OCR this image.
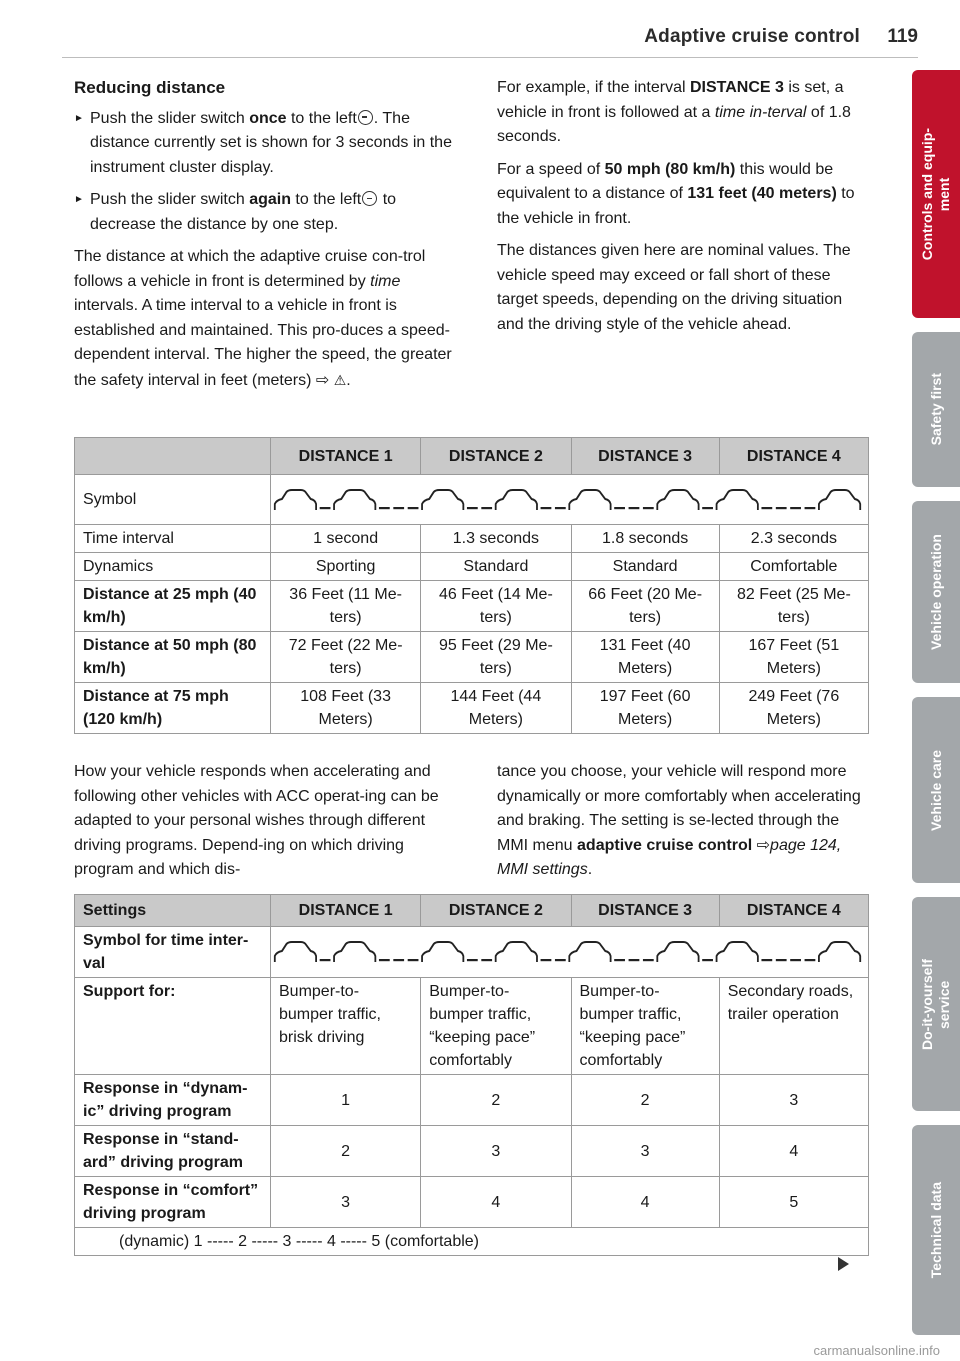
Adaptive cruise control 119
Controls and equip-
ment
Safety first
Vehicle operation
Vehicle care
Do-it-yourself
service
Technical data
Reducing distance

► Push the slider switch once to the left . The distance currently set is shown for 3 seconds in the instrument cluster display.

► Push the slider switch again to the left to decrease the distance by one step.

The distance at which the adaptive cruise con-trol follows a vehicle in front is determined by time intervals. A time interval to a vehicle in front is established and maintained. This pro-duces a speed-dependent interval. The higher the speed, the greater the safety interval in feet (meters) ⇨ ⚠.

For example, if the interval DISTANCE 3 is set, a vehicle in front is followed at a time in-terval of 1.8 seconds.

For a speed of 50 mph (80 km/h) this would be equivalent to a distance of 131 feet (40 meters) to the vehicle in front.

The distances given here are nominal values. The vehicle speed may exceed or fall short of these target speeds, depending on the driving situation and the driving style of the vehicle ahead.

	DISTANCE 1	DISTANCE 2	DISTANCE 3	DISTANCE 4
Symbol	

Time interval	1 second	1.3 seconds	1.8 seconds	2.3 seconds
Dynamics	Sporting	Standard	Standard	Comfortable
Distance at 25 mph (40 km/h)	36 Feet (11 Me-ters)	46 Feet (14 Me-ters)	66 Feet (20 Me-ters)	82 Feet (25 Me-ters)
Distance at 50 mph (80 km/h)	72 Feet (22 Me-ters)	95 Feet (29 Me-ters)	131 Feet (40 Meters)	167 Feet (51 Meters)
Distance at 75 mph (120 km/h)	108 Feet (33 Meters)	144 Feet (44 Meters)	197 Feet (60 Meters)	249 Feet (76 Meters)

How your vehicle responds when accelerating and following other vehicles with ACC operat-ing can be adapted to your personal wishes through different driving programs. Depend-ing on which driving program and which dis-

tance you choose, your vehicle will respond more dynamically or more comfortably when accelerating and braking. The setting is se-lected through the MMI menu adaptive cruise control ⇨page 124, MMI settings.

Settings	DISTANCE 1	DISTANCE 2	DISTANCE 3	DISTANCE 4
Symbol for time inter-val	

Support for:	Bumper-to-bumper traffic, brisk driving	Bumper-to-bumper traffic, “keeping pace” comfortably	Bumper-to-bumper traffic, “keeping pace” comfortably	Secondary roads, trailer operation
Response in “dynam-ic” driving program	1	2	2	3
Response in “stand-ard” driving program	2	3	3	4
Response in “comfort” driving program	3	4	4	5
(dynamic) 1 ----- 2 ----- 3 ----- 4 ----- 5 (comfortable)				
carmanualsonline.info
